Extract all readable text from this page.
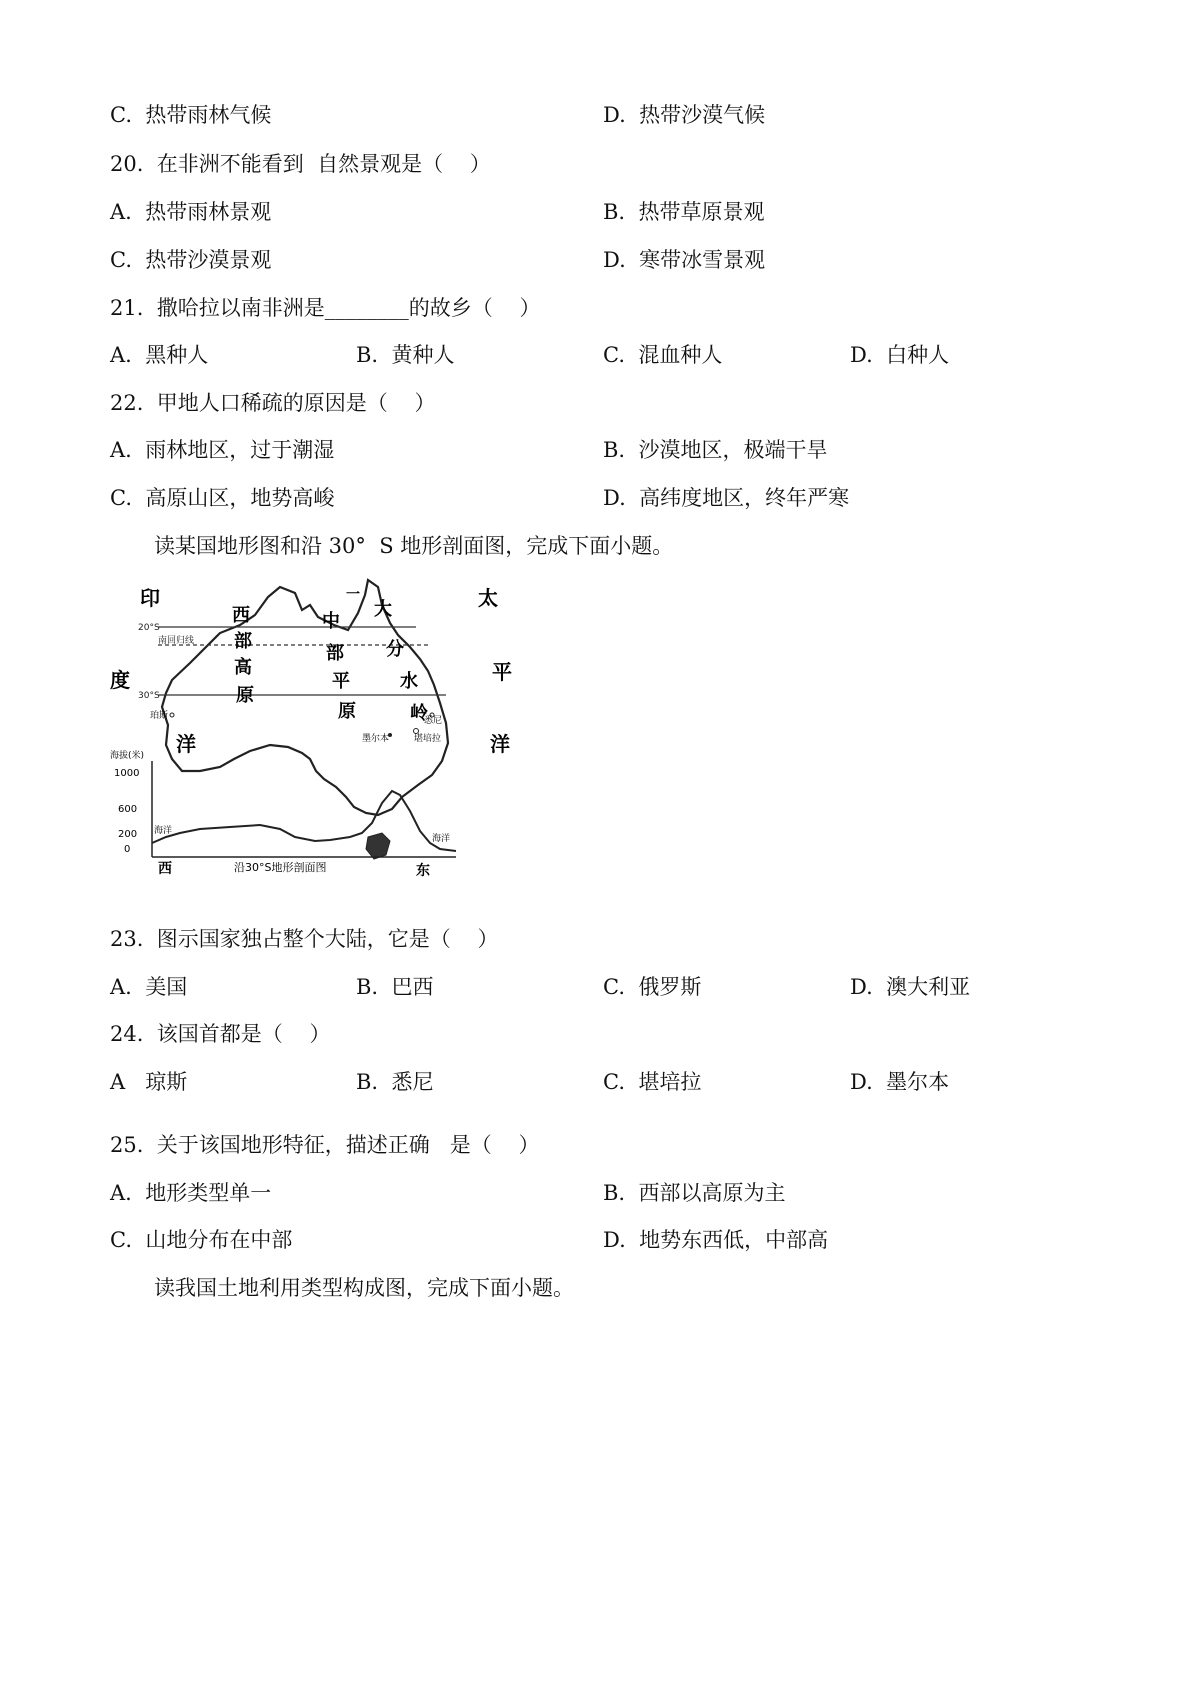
C.  热带雨林气候	D.  热带沙漠气候
20.  在非洲不能看到  自然景观是（    ）
A.  热带雨林景观	B.  热带草原景观
C.  热带沙漠景观	D.  寒带冰雪景观
21.  撒哈拉以南非洲是________的故乡（    ）
A.  黑种人	B.  黄种人	C.  混血种人	D.  白种人
22.  甲地人口稀疏的原因是（    ）
A.  雨林地区，过于潮湿	B.  沙漠地区，极端干旱
C.  高原山区，地势高峻	D.  高纬度地区，终年严寒
读某国地形图和沿 30°  S 地形剖面图，完成下面小题。
20°S
南回归线
30°S
印
度
洋
太
平
洋
西
部
高
原
中
部
平
原
大
分
水
岭
一
珀斯	悉尼
墨尔本	堪培拉
海拔(米)
1000
600
200
0
海洋
海洋
西	沿30°S地形剖面图	东
23.  图示国家独占整个大陆，它是（    ）
A.  美国	B.  巴西	C.  俄罗斯	D.  澳大利亚
24.  该国首都是（    ）
A   琼斯	B.  悉尼	C.  堪培拉	D.  墨尔本
25.  关于该国地形特征，描述正确   是（    ）
A.  地形类型单一	B.  西部以高原为主
C.  山地分布在中部	D.  地势东西低，中部高
读我国土地利用类型构成图，完成下面小题。
